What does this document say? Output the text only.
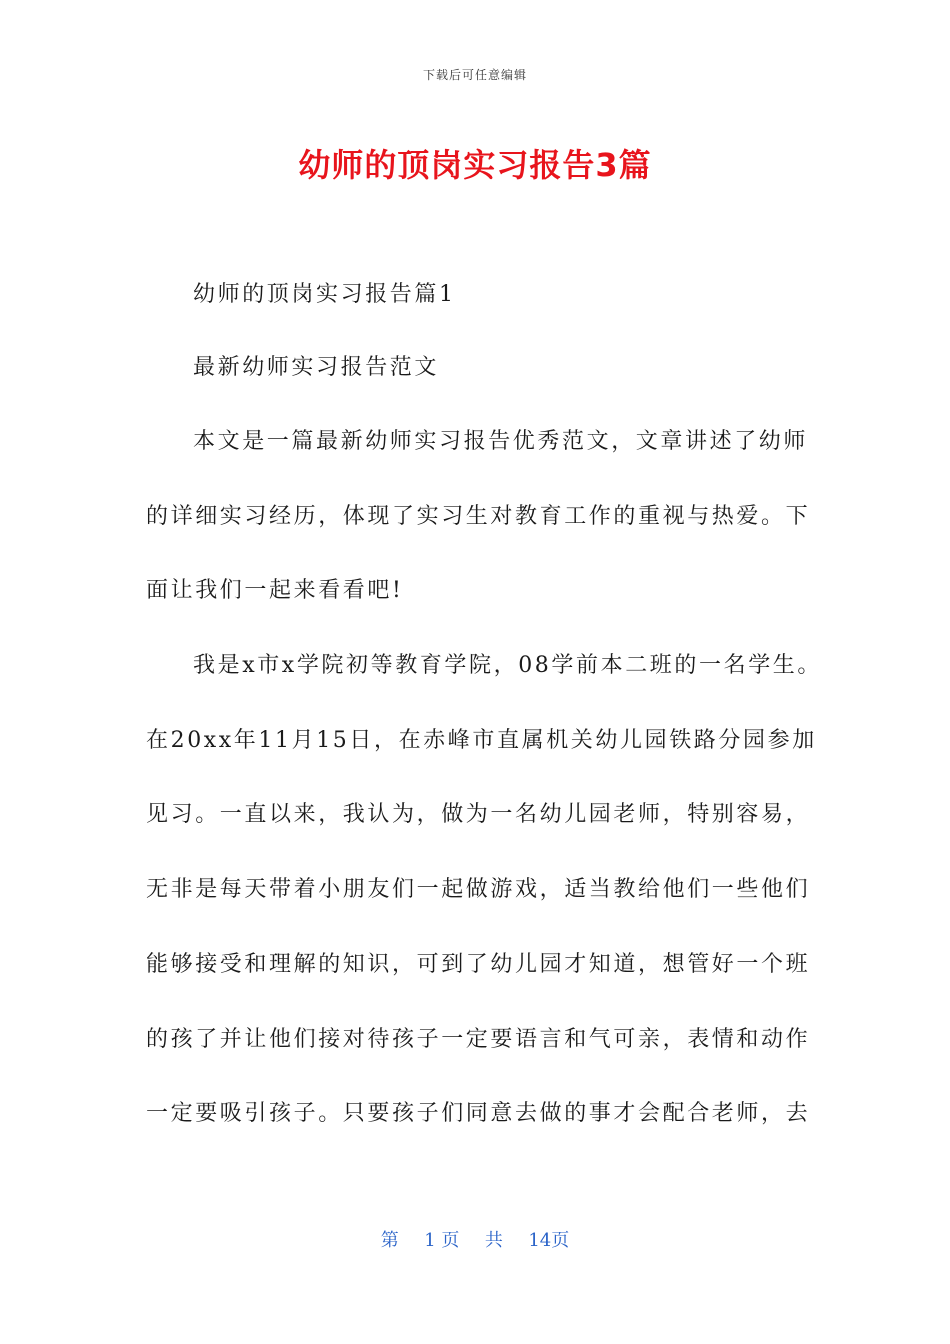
下载后可任意编辑
幼师的顶岗实习报告3篇
幼师的顶岗实习报告篇1
最新幼师实习报告范文
本文是一篇最新幼师实习报告优秀范文，文章讲述了幼师
的详细实习经历，体现了实习生对教育工作的重视与热爱。下
面让我们一起来看看吧!
我是x市x学院初等教育学院，08学前本二班的一名学生。
在20xx年11月15日，在赤峰市直属机关幼儿园铁路分园参加
见习。一直以来，我认为，做为一名幼儿园老师，特别容易，
无非是每天带着小朋友们一起做游戏，适当教给他们一些他们
能够接受和理解的知识，可到了幼儿园才知道，想管好一个班
的孩了并让他们接对待孩子一定要语言和气可亲，表情和动作
一定要吸引孩子。只要孩子们同意去做的事才会配合老师，去
第 1 页 共 14页
